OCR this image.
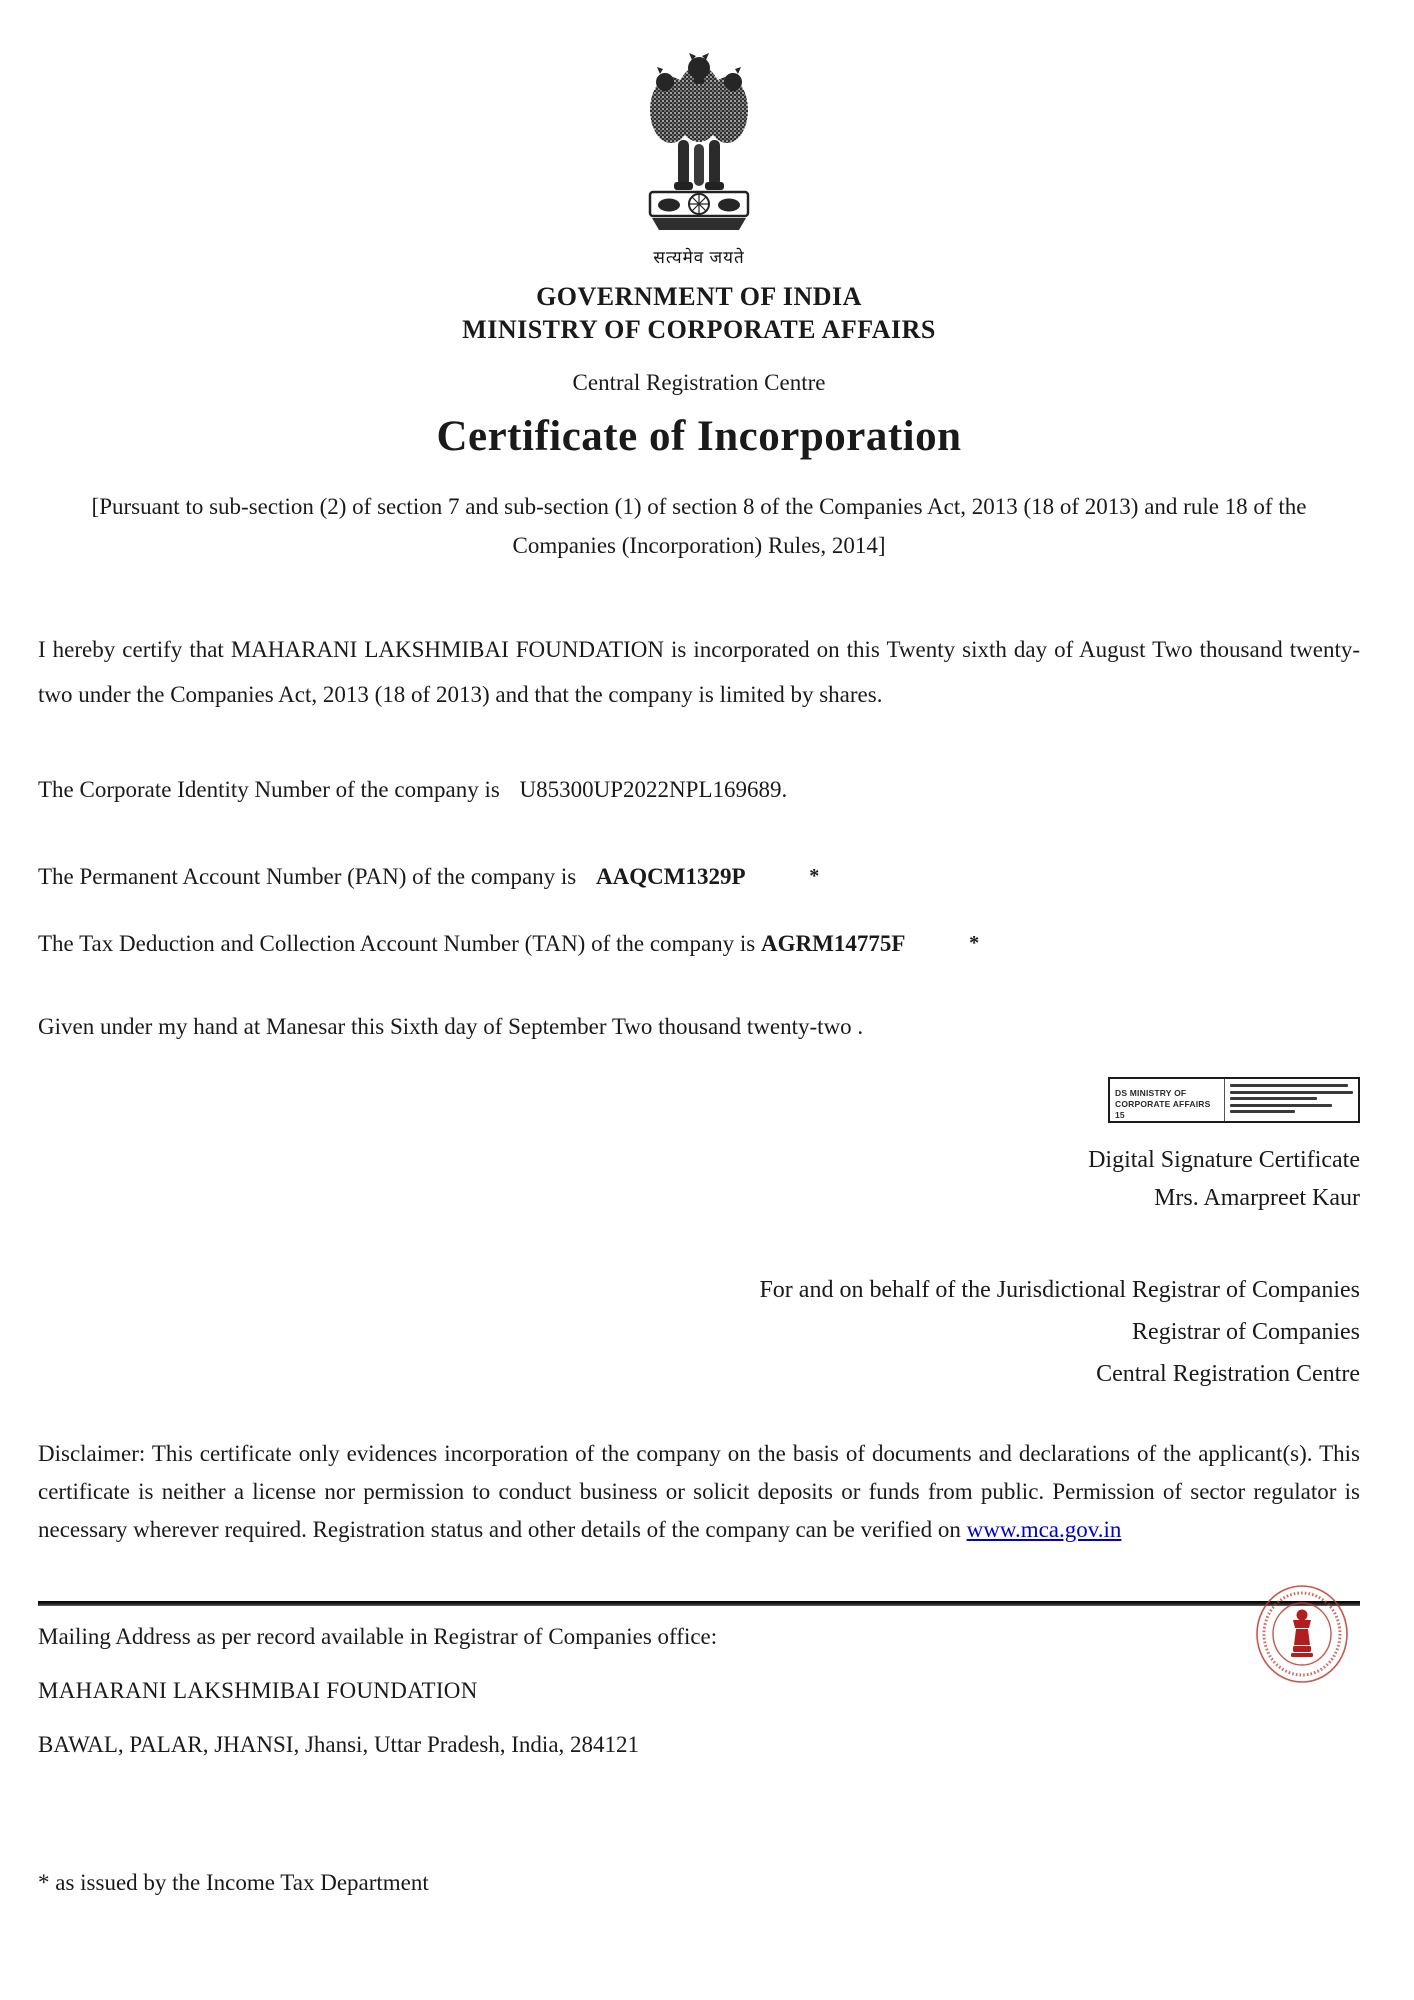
सत्यमेव जयते
GOVERNMENT OF INDIA
MINISTRY OF CORPORATE AFFAIRS
Central Registration Centre
Certificate of Incorporation
[Pursuant to sub-section (2) of section 7 and sub-section (1) of section 8 of the Companies Act, 2013 (18 of 2013) and rule 18 of the Companies (Incorporation) Rules, 2014]
I hereby certify that MAHARANI LAKSHMIBAI FOUNDATION is incorporated on this Twenty sixth day of August Two thousand twenty-two under the Companies Act, 2013 (18 of 2013) and that the company is limited by shares.
The Corporate Identity Number of the company is U85300UP2022NPL169689.
The Permanent Account Number (PAN) of the company is AAQCM1329P	*
The Tax Deduction and Collection Account Number (TAN) of the company is AGRM14775F	*
Given under my hand at Manesar this Sixth day of September Two thousand twenty-two .
DS MINISTRY OF
CORPORATE AFFAIRS 15
Digital Signature Certificate
Mrs. Amarpreet Kaur
For and on behalf of the Jurisdictional Registrar of Companies
Registrar of Companies
Central Registration Centre
Disclaimer: This certificate only evidences incorporation of the company on the basis of documents and declarations of the applicant(s). This certificate is neither a license nor permission to conduct business or solicit deposits or funds from public. Permission of sector regulator is necessary wherever required. Registration status and other details of the company can be verified on www.mca.gov.in
Mailing Address as per record available in Registrar of Companies office:
MAHARANI LAKSHMIBAI FOUNDATION
BAWAL, PALAR, JHANSI, Jhansi, Uttar Pradesh, India, 284121
* as issued by the Income Tax Department
